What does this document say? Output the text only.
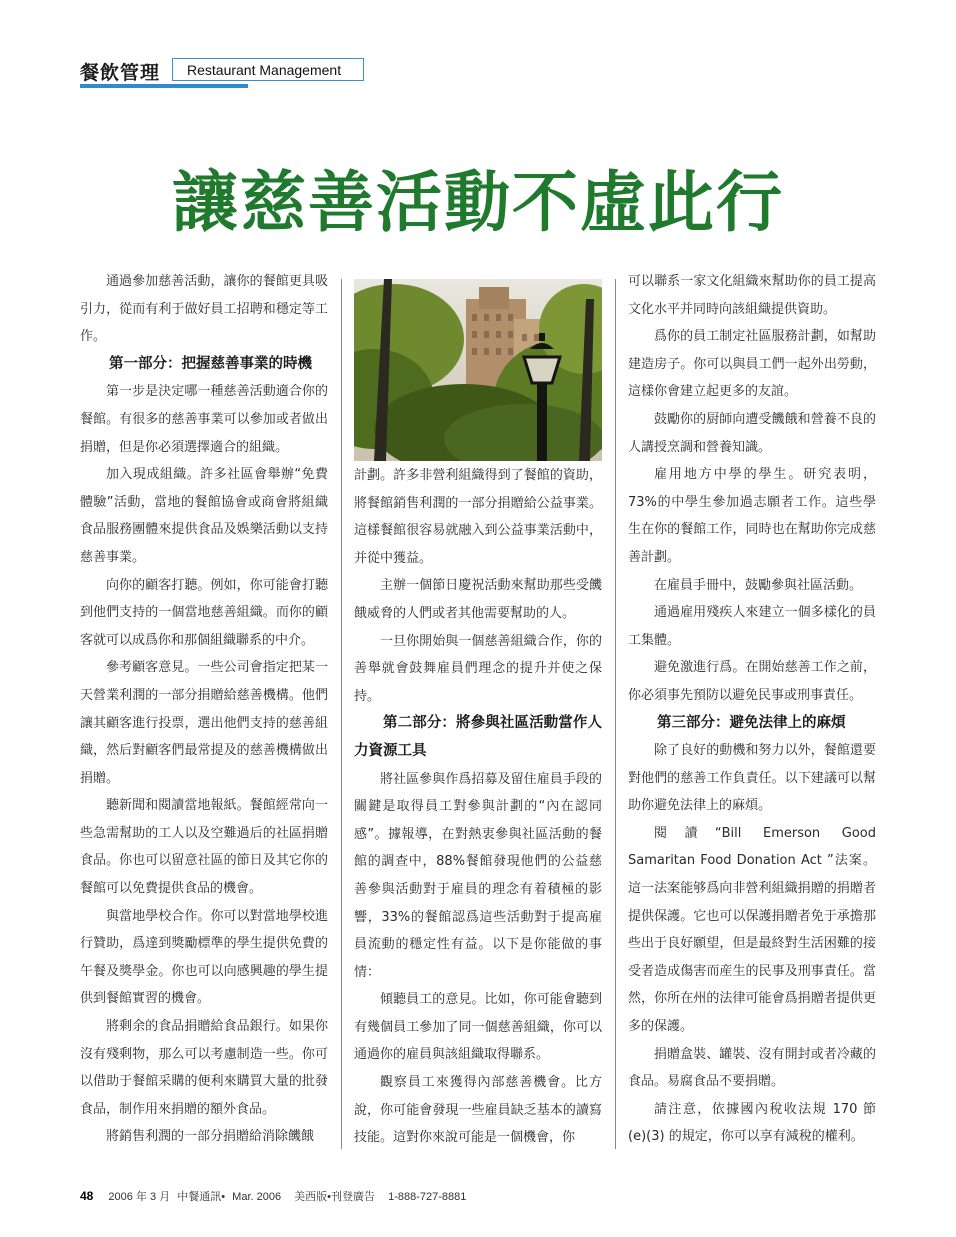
餐飲管理	Restaurant Management
讓慈善活動不虛此行

通過參加慈善活動，讓你的餐館更具吸引力，從而有利于做好員工招聘和穩定等工作。

第一部分：把握慈善事業的時機

第一步是決定哪一種慈善活動適合你的餐館。有很多的慈善事業可以參加或者做出捐贈，但是你必須選擇適合的組織。

加入現成組織。許多社區會舉辦“免費體驗”活動，當地的餐館協會或商會將組織食品服務團體來提供食品及娛樂活動以支持慈善事業。

向你的顧客打聽。例如，你可能會打聽到他們支持的一個當地慈善組織。而你的顧客就可以成爲你和那個組織聯系的中介。

參考顧客意見。一些公司會指定把某一天營業利潤的一部分捐贈給慈善機構。他們讓其顧客進行投票，選出他們支持的慈善組織，然后對顧客們最常提及的慈善機構做出捐贈。

聽新聞和閱讀當地報紙。餐館經常向一些急需幫助的工人以及空難過后的社區捐贈食品。你也可以留意社區的節日及其它你的餐館可以免費提供食品的機會。

與當地學校合作。你可以對當地學校進行贊助，爲達到獎勵標準的學生提供免費的午餐及獎學金。你也可以向感興趣的學生提供到餐館實習的機會。

將剩余的食品捐贈給食品銀行。如果你沒有殘剩物，那么可以考慮制造一些。你可以借助于餐館采購的便利來購買大量的批發食品，制作用來捐贈的額外食品。

將銷售利潤的一部分捐贈給消除饑餓

計劃。許多非營利組織得到了餐館的資助，將餐館銷售利潤的一部分捐贈給公益事業。這樣餐館很容易就融入到公益事業活動中，并從中獲益。

主辦一個節日慶祝活動來幫助那些受饑餓威脅的人們或者其他需要幫助的人。

一旦你開始與一個慈善組織合作，你的善舉就會鼓舞雇員們理念的提升并使之保持。

第二部分：將參與社區活動當作人力資源工具

將社區參與作爲招募及留住雇員手段的關鍵是取得員工對參與計劃的“內在認同感”。據報導，在對熱衷參與社區活動的餐館的調查中，88%餐館發現他們的公益慈善參與活動對于雇員的理念有着積極的影響，33%的餐館認爲這些活動對于提高雇員流動的穩定性有益。以下是你能做的事情：

傾聽員工的意見。比如，你可能會聽到有幾個員工參加了同一個慈善組織，你可以通過你的雇員與該組織取得聯系。

觀察員工來獲得內部慈善機會。比方說，你可能會發現一些雇員缺乏基本的讀寫技能。這對你來說可能是一個機會，你

可以聯系一家文化組織來幫助你的員工提高文化水平并同時向該組織提供資助。

爲你的員工制定社區服務計劃，如幫助建造房子。你可以與員工們一起外出勞動，這樣你會建立起更多的友誼。

鼓勵你的厨師向遭受饑餓和營養不良的人講授烹調和營養知識。

雇用地方中學的學生。研究表明，73%的中學生參加過志願者工作。這些學生在你的餐館工作，同時也在幫助你完成慈善計劃。

在雇員手冊中，鼓勵參與社區活動。

通過雇用殘疾人來建立一個多樣化的員工集體。

避免激進行爲。在開始慈善工作之前，你必須事先預防以避免民事或刑事責任。

第三部分：避免法律上的麻煩

除了良好的動機和努力以外，餐館還要對他們的慈善工作負責任。以下建議可以幫助你避免法律上的麻煩。

閱讀“Bill Emerson Good Samaritan Food Donation Act ”法案。這一法案能够爲向非營利組織捐贈的捐贈者提供保護。它也可以保護捐贈者免于承擔那些出于良好願望，但是最終對生活困難的接受者造成傷害而産生的民事及刑事責任。當然，你所在州的法律可能會爲捐贈者提供更多的保護。

捐贈盒裝、罐裝、沒有開封或者冷藏的食品。易腐食品不要捐贈。

請注意，依據國內稅收法規 170 節 (e)(3) 的規定，你可以享有減稅的權利。

48 2006 年 3 月 中餐通訊• Mar. 2006 美西版•刊登廣告 1-888-727-8881
